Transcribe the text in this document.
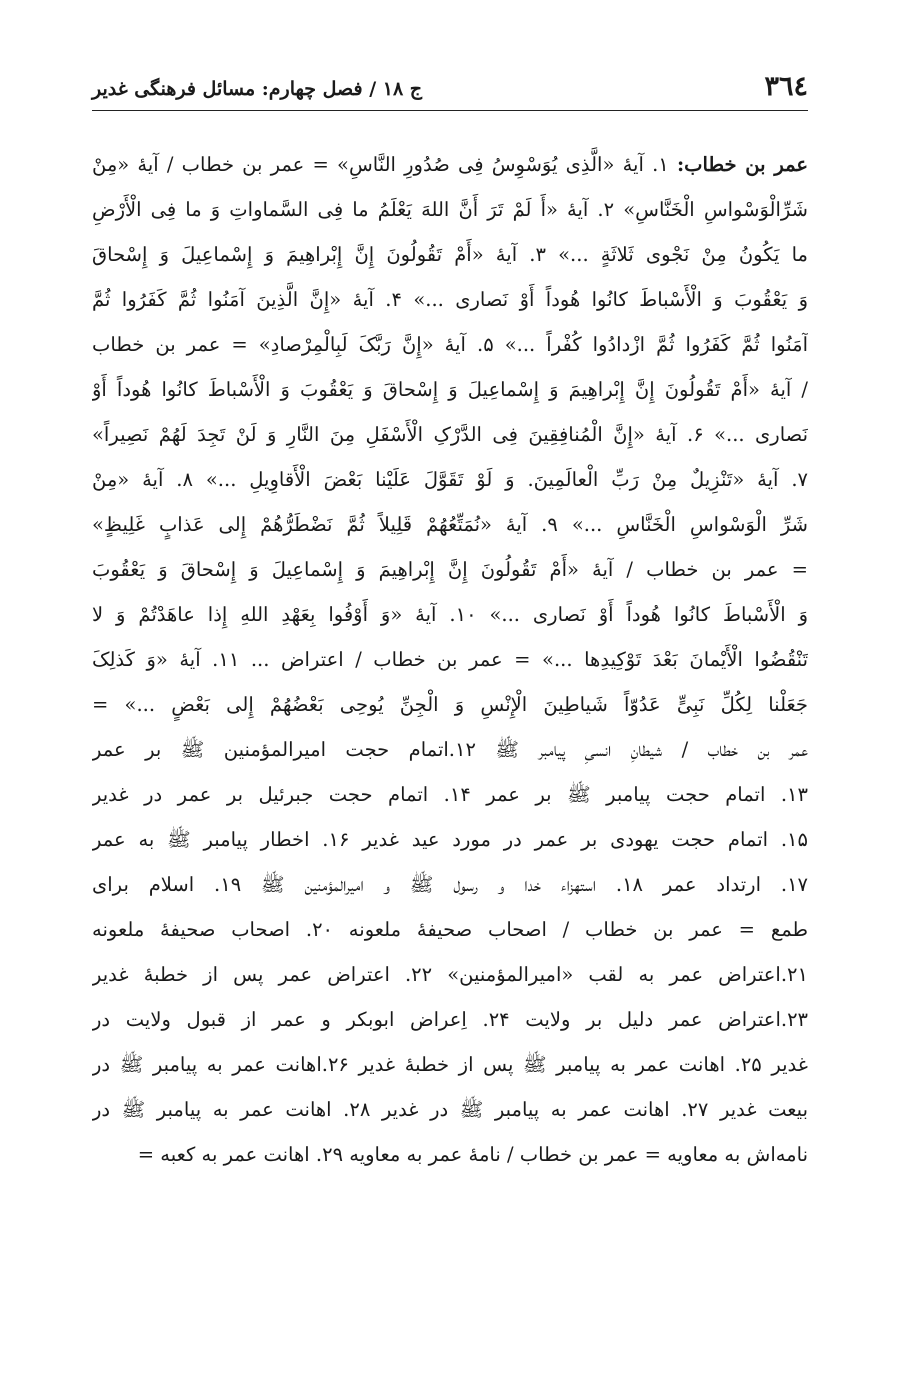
٣٦٤
ج ١٨ / فصل چهارم: مسائل فرهنگی غدیر
عمر بن خطاب: ١. آیهٔ «الَّذِی یُوَسْوِسُ فِی صُدُورِ النَّاسِ» = عمر بن خطاب / آیهٔ «مِنْ
شَرِّالْوَسْواسِ الْخَنَّاسِ» ٢. آیهٔ «أَ لَمْ تَرَ أَنَّ اللهَ یَعْلَمُ ما فِی السَّماواتِ وَ ما فِی الْأَرْضِ
ما یَکُونُ مِنْ نَجْوی ثَلاثَةٍ ...» ٣. آیهٔ «أَمْ تَقُولُونَ إِنَّ إِبْراهِیمَ وَ إِسْماعِیلَ وَ إِسْحاقَ
وَ یَعْقُوبَ وَ الْأَسْباطَ کانُوا هُوداً أَوْ نَصاری ...» ۴. آیهٔ «إِنَّ الَّذِینَ آمَنُوا ثُمَّ کَفَرُوا ثُمَّ
آمَنُوا ثُمَّ کَفَرُوا ثُمَّ ازْدادُوا کُفْراً ...» ۵. آیهٔ «إِنَّ رَبَّکَ لَبِالْمِرْصادِ» = عمر بن خطاب
/ آیهٔ «أَمْ تَقُولُونَ إِنَّ إِبْراهِیمَ وَ إِسْماعِیلَ وَ إِسْحاقَ وَ یَعْقُوبَ وَ الْأَسْباطَ کانُوا هُوداً أَوْ
نَصاری ...» ۶. آیهٔ «إِنَّ الْمُنافِقِینَ فِی الدَّرْکِ الْأَسْفَلِ مِنَ النَّارِ وَ لَنْ تَجِدَ لَهُمْ نَصِیراً»
٧. آیهٔ «تَنْزِیلٌ مِنْ رَبِّ الْعالَمِینَ. وَ لَوْ تَقَوَّلَ عَلَیْنا بَعْضَ الْأَقاوِیلِ ...» ٨. آیهٔ «مِنْ
شَرِّ الْوَسْواسِ الْخَنَّاسِ ...» ٩. آیهٔ «نُمَتِّعُهُمْ قَلِیلاً ثُمَّ نَضْطَرُّهُمْ إِلی عَذابٍ غَلِیظٍ»
= عمر بن خطاب / آیهٔ «أَمْ تَقُولُونَ إِنَّ إِبْراهِیمَ وَ إِسْماعِیلَ وَ إِسْحاقَ وَ یَعْقُوبَ
وَ الْأَسْباطَ کانُوا هُوداً أَوْ نَصاری ...» ١٠. آیهٔ «وَ أَوْفُوا بِعَهْدِ اللهِ إِذا عاهَدْتُمْ وَ لا
تَنْقُضُوا الْأَیْمانَ بَعْدَ تَوْکِیدِها ...» = عمر بن خطاب / اعتراض ... ١١. آیهٔ «وَ کَذلِکَ
جَعَلْنا لِکُلِّ نَبِیٍّ عَدُوّاً شَیاطِینَ الْإِنْسِ وَ الْجِنِّ یُوحِی بَعْضُهُمْ إِلی بَعْضٍ ...» =
عمر بن خطاب / شیطانِ انسیِ پیامبر ﷺ ١٢.اتمام حجت امیرالمؤمنین ﷺ بر عمر
١٣. اتمام حجت پیامبر ﷺ بر عمر ١۴. اتمام حجت جبرئیل بر عمر در غدیر
١۵. اتمام حجت یهودی بر عمر در مورد عید غدیر ١۶. اخطار پیامبر ﷺ به عمر
١٧. ارتداد عمر ١٨. استهزاء خدا و رسول ﷺ و امیرالمؤمنین ﷺ ١٩. اسلام برای
طمع = عمر بن خطاب / اصحاب صحیفهٔ ملعونه ٢٠. اصحاب صحیفهٔ ملعونه
٢١.اعتراض عمر به لقب «امیرالمؤمنین» ٢٢. اعتراض عمر پس از خطبهٔ غدیر
٢٣.اعتراض عمر دلیل بر ولایت ٢۴. اِعراض ابوبکر و عمر از قبول ولایت در
غدیر ٢۵. اهانت عمر به پیامبر ﷺ پس از خطبهٔ غدیر ٢۶.اهانت عمر به پیامبر ﷺ در
بیعت غدیر ٢٧. اهانت عمر به پیامبر ﷺ در غدیر ٢٨. اهانت عمر به پیامبر ﷺ در
نامه‌اش به معاویه = عمر بن خطاب / نامهٔ عمر به معاویه ٢٩. اهانت عمر به کعبه =
